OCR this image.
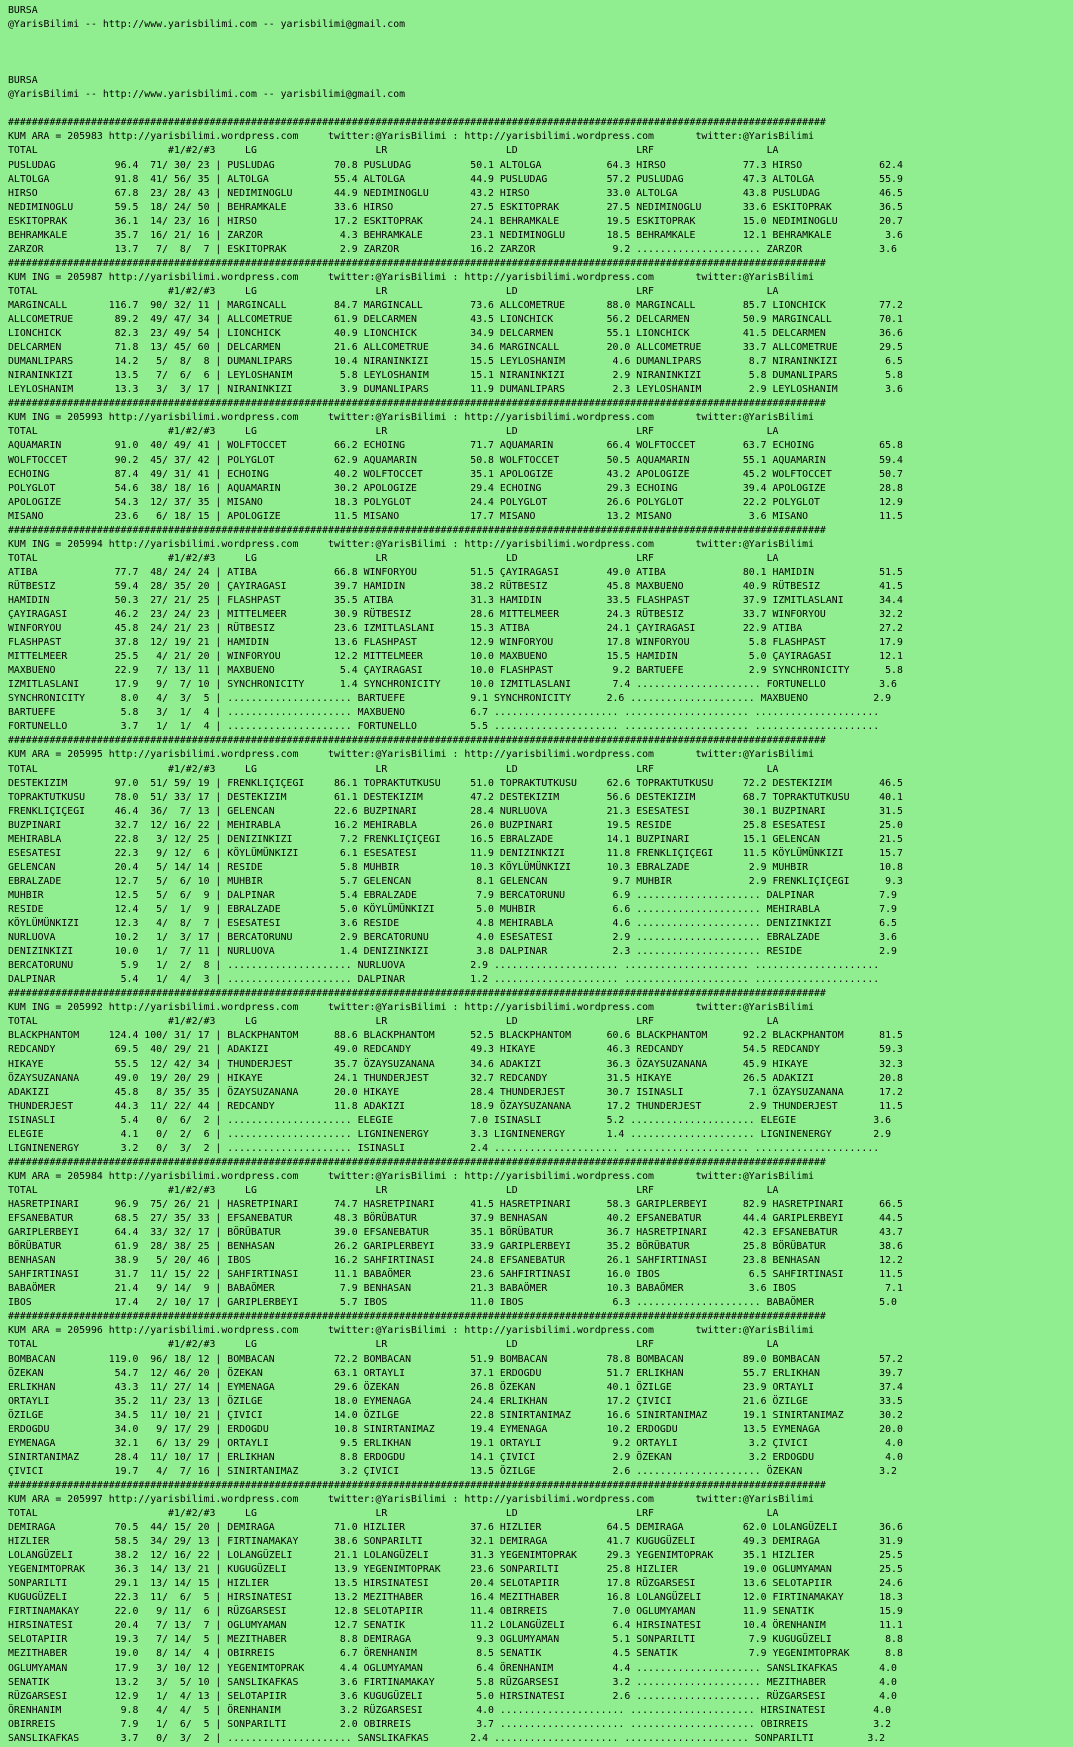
BURSA
@YarisBilimi -- http://www.yarisbilimi.com -- yarisbilimi@gmail.com
BURSA
@YarisBilimi -- http://www.yarisbilimi.com -- yarisbilimi@gmail.com
##########################################################################################################################################
KUM ARA = 205983 http://yarisbilimi.wordpress.com     twitter:@YarisBilimi : http://yarisbilimi.wordpress.com       twitter:@YarisBilimi
TOTAL                      #1/#2/#3     LG                    LR                    LD                    LRF                   LA
PUSLUDAG          96.4  71/ 30/ 23 | PUSLUDAG          70.8 PUSLUDAG          50.1 ALTOLGA           64.3 HIRSO             77.3 HIRSO             62.4
ALTOLGA           91.8  41/ 56/ 35 | ALTOLGA           55.4 ALTOLGA           44.9 PUSLUDAG          57.2 PUSLUDAG          47.3 ALTOLGA           55.9
HIRSO             67.8  23/ 28/ 43 | NEDIMINOGLU       44.9 NEDIMINOGLU       43.2 HIRSO             33.0 ALTOLGA           43.8 PUSLUDAG          46.5
NEDIMINOGLU       59.5  18/ 24/ 50 | BEHRAMKALE        33.6 HIRSO             27.5 ESKITOPRAK        27.5 NEDIMINOGLU       33.6 ESKITOPRAK        36.5
ESKITOPRAK        36.1  14/ 23/ 16 | HIRSO             17.2 ESKITOPRAK        24.1 BEHRAMKALE        19.5 ESKITOPRAK        15.0 NEDIMINOGLU       20.7
BEHRAMKALE        35.7  16/ 21/ 16 | ZARZOR             4.3 BEHRAMKALE        23.1 NEDIMINOGLU       18.5 BEHRAMKALE        12.1 BEHRAMKALE         3.6
ZARZOR            13.7   7/  8/  7 | ESKITOPRAK         2.9 ZARZOR            16.2 ZARZOR             9.2 ..................... ZARZOR             3.6
##########################################################################################################################################
KUM ING = 205987 http://yarisbilimi.wordpress.com     twitter:@YarisBilimi : http://yarisbilimi.wordpress.com       twitter:@YarisBilimi
TOTAL                      #1/#2/#3     LG                    LR                    LD                    LRF                   LA
MARGINCALL       116.7  90/ 32/ 11 | MARGINCALL        84.7 MARGINCALL        73.6 ALLCOMETRUE       88.0 MARGINCALL        85.7 LIONCHICK         77.2
ALLCOMETRUE       89.2  49/ 47/ 34 | ALLCOMETRUE       61.9 DELCARMEN         43.5 LIONCHICK         56.2 DELCARMEN         50.9 MARGINCALL        70.1
LIONCHICK         82.3  23/ 49/ 54 | LIONCHICK         40.9 LIONCHICK         34.9 DELCARMEN         55.1 LIONCHICK         41.5 DELCARMEN         36.6
DELCARMEN         71.8  13/ 45/ 60 | DELCARMEN         21.6 ALLCOMETRUE       34.6 MARGINCALL        20.0 ALLCOMETRUE       33.7 ALLCOMETRUE       29.5
DUMANLIPARS       14.2   5/  8/  8 | DUMANLIPARS       10.4 NIRANINKIZI       15.5 LEYLOSHANIM        4.6 DUMANLIPARS        8.7 NIRANINKIZI        6.5
NIRANINKIZI       13.5   7/  6/  6 | LEYLOSHANIM        5.8 LEYLOSHANIM       15.1 NIRANINKIZI        2.9 NIRANINKIZI        5.8 DUMANLIPARS        5.8
LEYLOSHANIM       13.3   3/  3/ 17 | NIRANINKIZI        3.9 DUMANLIPARS       11.9 DUMANLIPARS        2.3 LEYLOSHANIM        2.9 LEYLOSHANIM        3.6
##########################################################################################################################################
KUM ING = 205993 http://yarisbilimi.wordpress.com     twitter:@YarisBilimi : http://yarisbilimi.wordpress.com       twitter:@YarisBilimi
TOTAL                      #1/#2/#3     LG                    LR                    LD                    LRF                   LA
AQUAMARIN         91.0  40/ 49/ 41 | WOLFTOCCET        66.2 ECHOING           71.7 AQUAMARIN         66.4 WOLFTOCCET        63.7 ECHOING           65.8
WOLFTOCCET        90.2  45/ 37/ 42 | POLYGLOT          62.9 AQUAMARIN         50.8 WOLFTOCCET        50.5 AQUAMARIN         55.1 AQUAMARIN         59.4
ECHOING           87.4  49/ 31/ 41 | ECHOING           40.2 WOLFTOCCET        35.1 APOLOGIZE         43.2 APOLOGIZE         45.2 WOLFTOCCET        50.7
POLYGLOT          54.6  38/ 18/ 16 | AQUAMARIN         30.2 APOLOGIZE         29.4 ECHOING           29.3 ECHOING           39.4 APOLOGIZE         28.8
APOLOGIZE         54.3  12/ 37/ 35 | MISANO            18.3 POLYGLOT          24.4 POLYGLOT          26.6 POLYGLOT          22.2 POLYGLOT          12.9
MISANO            23.6   6/ 18/ 15 | APOLOGIZE         11.5 MISANO            17.7 MISANO            13.2 MISANO             3.6 MISANO            11.5
##########################################################################################################################################
KUM ING = 205994 http://yarisbilimi.wordpress.com     twitter:@YarisBilimi : http://yarisbilimi.wordpress.com       twitter:@YarisBilimi
TOTAL                      #1/#2/#3     LG                    LR                    LD                    LRF                   LA
ATIBA             77.7  48/ 24/ 24 | ATIBA             66.8 WINFORYOU         51.5 ÇAYIRAGASI        49.0 ATIBA             80.1 HAMIDIN           51.5
RÜTBESIZ          59.4  28/ 35/ 20 | ÇAYIRAGASI        39.7 HAMIDIN           38.2 RÜTBESIZ          45.8 MAXBUENO          40.9 RÜTBESIZ          41.5
HAMIDIN           50.3  27/ 21/ 25 | FLASHPAST         35.5 ATIBA             31.3 HAMIDIN           33.5 FLASHPAST         37.9 IZMITLASLANI      34.4
ÇAYIRAGASI        46.2  23/ 24/ 23 | MITTELMEER        30.9 RÜTBESIZ          28.6 MITTELMEER        24.3 RÜTBESIZ          33.7 WINFORYOU         32.2
WINFORYOU         45.8  24/ 21/ 23 | RÜTBESIZ          23.6 IZMITLASLANI      15.3 ATIBA             24.1 ÇAYIRAGASI        22.9 ATIBA             27.2
FLASHPAST         37.8  12/ 19/ 21 | HAMIDIN           13.6 FLASHPAST         12.9 WINFORYOU         17.8 WINFORYOU          5.8 FLASHPAST         17.9
MITTELMEER        25.5   4/ 21/ 20 | WINFORYOU         12.2 MITTELMEER        10.0 MAXBUENO          15.5 HAMIDIN            5.0 ÇAYIRAGASI        12.1
MAXBUENO          22.9   7/ 13/ 11 | MAXBUENO           5.4 ÇAYIRAGASI        10.0 FLASHPAST          9.2 BARTUEFE           2.9 SYNCHRONICITY      5.8
IZMITLASLANI      17.9   9/  7/ 10 | SYNCHRONICITY      1.4 SYNCHRONICITY     10.0 IZMITLASLANI       7.4 ..................... FORTUNELLO         3.6
SYNCHRONICITY      8.0   4/  3/  5 | ..................... BARTUEFE           9.1 SYNCHRONICITY      2.6 ..................... MAXBUENO           2.9
BARTUEFE           5.8   3/  1/  4 | ..................... MAXBUENO           6.7 ..................... ..................... .....................
FORTUNELLO         3.7   1/  1/  4 | ..................... FORTUNELLO         5.5 ..................... ..................... .....................
##########################################################################################################################################
KUM ARA = 205995 http://yarisbilimi.wordpress.com     twitter:@YarisBilimi : http://yarisbilimi.wordpress.com       twitter:@YarisBilimi
TOTAL                      #1/#2/#3     LG                    LR                    LD                    LRF                   LA
DESTEKIZIM        97.0  51/ 59/ 19 | FRENKLIÇIÇEGI     86.1 TOPRAKTUTKUSU     51.0 TOPRAKTUTKUSU     62.6 TOPRAKTUTKUSU     72.2 DESTEKIZIM        46.5
TOPRAKTUTKUSU     78.0  51/ 33/ 17 | DESTEKIZIM        61.1 DESTEKIZIM        47.2 DESTEKIZIM        56.6 DESTEKIZIM        68.7 TOPRAKTUTKUSU     40.1
FRENKLIÇIÇEGI     46.4  36/  7/ 13 | GELENCAN          22.6 BUZPINARI         28.4 NURLUOVA          21.3 ESESATESI         30.1 BUZPINARI         31.5
BUZPINARI         32.7  12/ 16/ 22 | MEHIRABLA         16.2 MEHIRABLA         26.0 BUZPINARI         19.5 RESIDE            25.8 ESESATESI         25.0
MEHIRABLA         22.8   3/ 12/ 25 | DENIZINKIZI        7.2 FRENKLIÇIÇEGI     16.5 EBRALZADE         14.1 BUZPINARI         15.1 GELENCAN          21.5
ESESATESI         22.3   9/ 12/  6 | KÖYLÜMÜNKIZI       6.1 ESESATESI         11.9 DENIZINKIZI       11.8 FRENKLIÇIÇEGI     11.5 KÖYLÜMÜNKIZI      15.7
GELENCAN          20.4   5/ 14/ 14 | RESIDE             5.8 MUHBIR            10.3 KÖYLÜMÜNKIZI      10.3 EBRALZADE          2.9 MUHBIR            10.8
EBRALZADE         12.7   5/  6/ 10 | MUHBIR             5.7 GELENCAN           8.1 GELENCAN           9.7 MUHBIR             2.9 FRENKLIÇIÇEGI      9.3
MUHBIR            12.5   5/  6/  9 | DALPINAR           5.4 EBRALZADE          7.9 BERCATORUNU        6.9 ..................... DALPINAR           7.9
RESIDE            12.4   5/  1/  9 | EBRALZADE          5.0 KÖYLÜMÜNKIZI       5.0 MUHBIR             6.6 ..................... MEHIRABLA          7.9
KÖYLÜMÜNKIZI      12.3   4/  8/  7 | ESESATESI          3.6 RESIDE             4.8 MEHIRABLA          4.6 ..................... DENIZINKIZI        6.5
NURLUOVA          10.2   1/  3/ 17 | BERCATORUNU        2.9 BERCATORUNU        4.0 ESESATESI          2.9 ..................... EBRALZADE          3.6
DENIZINKIZI       10.0   1/  7/ 11 | NURLUOVA           1.4 DENIZINKIZI        3.8 DALPINAR           2.3 ..................... RESIDE             2.9
BERCATORUNU        5.9   1/  2/  8 | ..................... NURLUOVA           2.9 ..................... ..................... .....................
DALPINAR           5.4   1/  4/  3 | ..................... DALPINAR           1.2 ..................... ..................... .....................
##########################################################################################################################################
KUM ING = 205992 http://yarisbilimi.wordpress.com     twitter:@YarisBilimi : http://yarisbilimi.wordpress.com       twitter:@YarisBilimi
TOTAL                      #1/#2/#3     LG                    LR                    LD                    LRF                   LA
BLACKPHANTOM     124.4 100/ 31/ 17 | BLACKPHANTOM      88.6 BLACKPHANTOM      52.5 BLACKPHANTOM      60.6 BLACKPHANTOM      92.2 BLACKPHANTOM      81.5
REDCANDY          69.5  40/ 29/ 21 | ADAKIZI           49.0 REDCANDY          49.3 HIKAYE            46.3 REDCANDY          54.5 REDCANDY          59.3
HIKAYE            55.5  12/ 42/ 34 | THUNDERJEST       35.7 ÖZAYSUZANANA      34.6 ADAKIZI           36.3 ÖZAYSUZANANA      45.9 HIKAYE            32.3
ÖZAYSUZANANA      49.0  19/ 20/ 29 | HIKAYE            24.1 THUNDERJEST       32.7 REDCANDY          31.5 HIKAYE            26.5 ADAKIZI           20.8
ADAKIZI           45.8   8/ 35/ 35 | ÖZAYSUZANANA      20.0 HIKAYE            28.4 THUNDERJEST       30.7 ISINASLI           7.1 ÖZAYSUZANANA      17.2
THUNDERJEST       44.3  11/ 22/ 44 | REDCANDY          11.8 ADAKIZI           18.9 ÖZAYSUZANANA      17.2 THUNDERJEST        2.9 THUNDERJEST       11.5
ISINASLI           5.4   0/  6/  2 | ..................... ELEGIE             7.0 ISINASLI           5.2 ..................... ELEGIE             3.6
ELEGIE             4.1   0/  2/  6 | ..................... LIGNINENERGY       3.3 LIGNINENERGY       1.4 ..................... LIGNINENERGY       2.9
LIGNINENERGY       3.2   0/  3/  2 | ..................... ISINASLI           2.4 ..................... ..................... .....................
##########################################################################################################################################
KUM ARA = 205984 http://yarisbilimi.wordpress.com     twitter:@YarisBilimi : http://yarisbilimi.wordpress.com       twitter:@YarisBilimi
TOTAL                      #1/#2/#3     LG                    LR                    LD                    LRF                   LA
HASRETPINARI      96.9  75/ 26/ 21 | HASRETPINARI      74.7 HASRETPINARI      41.5 HASRETPINARI      58.3 GARIPLERBEYI      82.9 HASRETPINARI      66.5
EFSANEBATUR       68.5  27/ 35/ 33 | EFSANEBATUR       48.3 BÖRÜBATUR         37.9 BENHASAN          40.2 EFSANEBATUR       44.4 GARIPLERBEYI      44.5
GARIPLERBEYI      64.4  33/ 32/ 17 | BÖRÜBATUR         39.0 EFSANEBATUR       35.1 BÖRÜBATUR         36.7 HASRETPINARI      42.3 EFSANEBATUR       43.7
BÖRÜBATUR         61.9  28/ 38/ 25 | BENHASAN          26.2 GARIPLERBEYI      33.9 GARIPLERBEYI      35.2 BÖRÜBATUR         25.8 BÖRÜBATUR         38.6
BENHASAN          38.9   5/ 20/ 46 | IBOS              16.2 SAHFIRTINASI      24.8 EFSANEBATUR       26.1 SAHFIRTINASI      23.8 BENHASAN          12.2
SAHFIRTINASI      31.7  11/ 15/ 22 | SAHFIRTINASI      11.1 BABAÖMER          23.6 SAHFIRTINASI      16.0 IBOS               6.5 SAHFIRTINASI      11.5
BABAÖMER          21.4   9/ 14/  9 | BABAÖMER           7.9 BENHASAN          21.3 BABAÖMER          10.3 BABAÖMER           3.6 IBOS               7.1
IBOS              17.4   2/ 10/ 17 | GARIPLERBEYI       5.7 IBOS              11.0 IBOS               6.3 ..................... BABAÖMER           5.0
##########################################################################################################################################
KUM ARA = 205996 http://yarisbilimi.wordpress.com     twitter:@YarisBilimi : http://yarisbilimi.wordpress.com       twitter:@YarisBilimi
TOTAL                      #1/#2/#3     LG                    LR                    LD                    LRF                   LA
BOMBACAN         119.0  96/ 18/ 12 | BOMBACAN          72.2 BOMBACAN          51.9 BOMBACAN          78.8 BOMBACAN          89.0 BOMBACAN          57.2
ÖZEKAN            54.7  12/ 46/ 20 | ÖZEKAN            63.1 ORTAYLI           37.1 ERDOGDU           51.7 ERLIKHAN          55.7 ERLIKHAN          39.7
ERLIKHAN          43.3  11/ 27/ 14 | EYMENAGA          29.6 ÖZEKAN            26.8 ÖZEKAN            40.1 ÖZILGE            23.9 ORTAYLI           37.4
ORTAYLI           35.2  11/ 23/ 13 | ÖZILGE            18.0 EYMENAGA          24.4 ERLIKHAN          17.2 ÇIVICI            21.6 ÖZILGE            33.5
ÖZILGE            34.5  11/ 10/ 21 | ÇIVICI            14.0 ÖZILGE            22.8 SINIRTANIMAZ      16.6 SINIRTANIMAZ      19.1 SINIRTANIMAZ      30.2
ERDOGDU           34.0   9/ 17/ 29 | ERDOGDU           10.8 SINIRTANIMAZ      19.4 EYMENAGA          10.2 ERDOGDU           13.5 EYMENAGA          20.0
EYMENAGA          32.1   6/ 13/ 29 | ORTAYLI            9.5 ERLIKHAN          19.1 ORTAYLI            9.2 ORTAYLI            3.2 ÇIVICI             4.0
SINIRTANIMAZ      28.4  11/ 10/ 17 | ERLIKHAN           8.8 ERDOGDU           14.1 ÇIVICI             2.9 ÖZEKAN             3.2 ERDOGDU            4.0
ÇIVICI            19.7   4/  7/ 16 | SINIRTANIMAZ       3.2 ÇIVICI            13.5 ÖZILGE             2.6 ..................... ÖZEKAN             3.2
##########################################################################################################################################
KUM ARA = 205997 http://yarisbilimi.wordpress.com     twitter:@YarisBilimi : http://yarisbilimi.wordpress.com       twitter:@YarisBilimi
TOTAL                      #1/#2/#3     LG                    LR                    LD                    LRF                   LA
DEMIRAGA          70.5  44/ 15/ 20 | DEMIRAGA          71.0 HIZLIER           37.6 HIZLIER           64.5 DEMIRAGA          62.0 LOLANGÜZELI       36.6
HIZLIER           58.5  34/ 29/ 13 | FIRTINAMAKAY      38.6 SONPARILTI        32.1 DEMIRAGA          41.7 KUGUGÜZELI        49.3 DEMIRAGA          31.9
LOLANGÜZELI       38.2  12/ 16/ 22 | LOLANGÜZELI       21.1 LOLANGÜZELI       31.3 YEGENIMTOPRAK     29.3 YEGENIMTOPRAK     35.1 HIZLIER           25.5
YEGENIMTOPRAK     36.3  14/ 13/ 21 | KUGUGÜZELI        13.9 YEGENIMTOPRAK     23.6 SONPARILTI        25.8 HIZLIER           19.0 OGLUMYAMAN        25.5
SONPARILTI        29.1  13/ 14/ 15 | HIZLIER           13.5 HIRSINATESI       20.4 SELOTAPIIR        17.8 RÜZGARSESI        13.6 SELOTAPIIR        24.6
KUGUGÜZELI        22.3  11/  6/  5 | HIRSINATESI       13.2 MEZITHABER        16.4 MEZITHABER        16.8 LOLANGÜZELI       12.0 FIRTINAMAKAY      18.3
FIRTINAMAKAY      22.0   9/ 11/  6 | RÜZGARSESI        12.8 SELOTAPIIR        11.4 OBIRREIS           7.0 OGLUMYAMAN        11.9 SENATIK           15.9
HIRSINATESI       20.4   7/ 13/  7 | OGLUMYAMAN        12.7 SENATIK           11.2 LOLANGÜZELI        6.4 HIRSINATESI       10.4 ÖRENHANIM         11.1
SELOTAPIIR        19.3   7/ 14/  5 | MEZITHABER         8.8 DEMIRAGA           9.3 OGLUMYAMAN         5.1 SONPARILTI         7.9 KUGUGÜZELI         8.8
MEZITHABER        19.0   8/ 14/  4 | OBIRREIS           6.7 ÖRENHANIM          8.5 SENATIK            4.5 SENATIK            7.9 YEGENIMTOPRAK      8.8
OGLUMYAMAN        17.9   3/ 10/ 12 | YEGENIMTOPRAK      4.4 OGLUMYAMAN         6.4 ÖRENHANIM          4.4 ..................... SANSLIKAFKAS       4.0
SENATIK           13.2   3/  5/ 10 | SANSLIKAFKAS       3.6 FIRTINAMAKAY       5.8 RÜZGARSESI         3.2 ..................... MEZITHABER         4.0
RÜZGARSESI        12.9   1/  4/ 13 | SELOTAPIIR         3.6 KUGUGÜZELI         5.0 HIRSINATESI        2.6 ..................... RÜZGARSESI         4.0
ÖRENHANIM          9.8   4/  4/  5 | ÖRENHANIM          3.2 RÜZGARSESI         4.0 ..................... ..................... HIRSINATESI        4.0
OBIRREIS           7.9   1/  6/  5 | SONPARILTI         2.0 OBIRREIS           3.7 ..................... ..................... OBIRREIS           3.2
SANSLIKAFKAS       3.7   0/  3/  2 | ..................... SANSLIKAFKAS       2.4 ..................... ..................... SONPARILTI         3.2
